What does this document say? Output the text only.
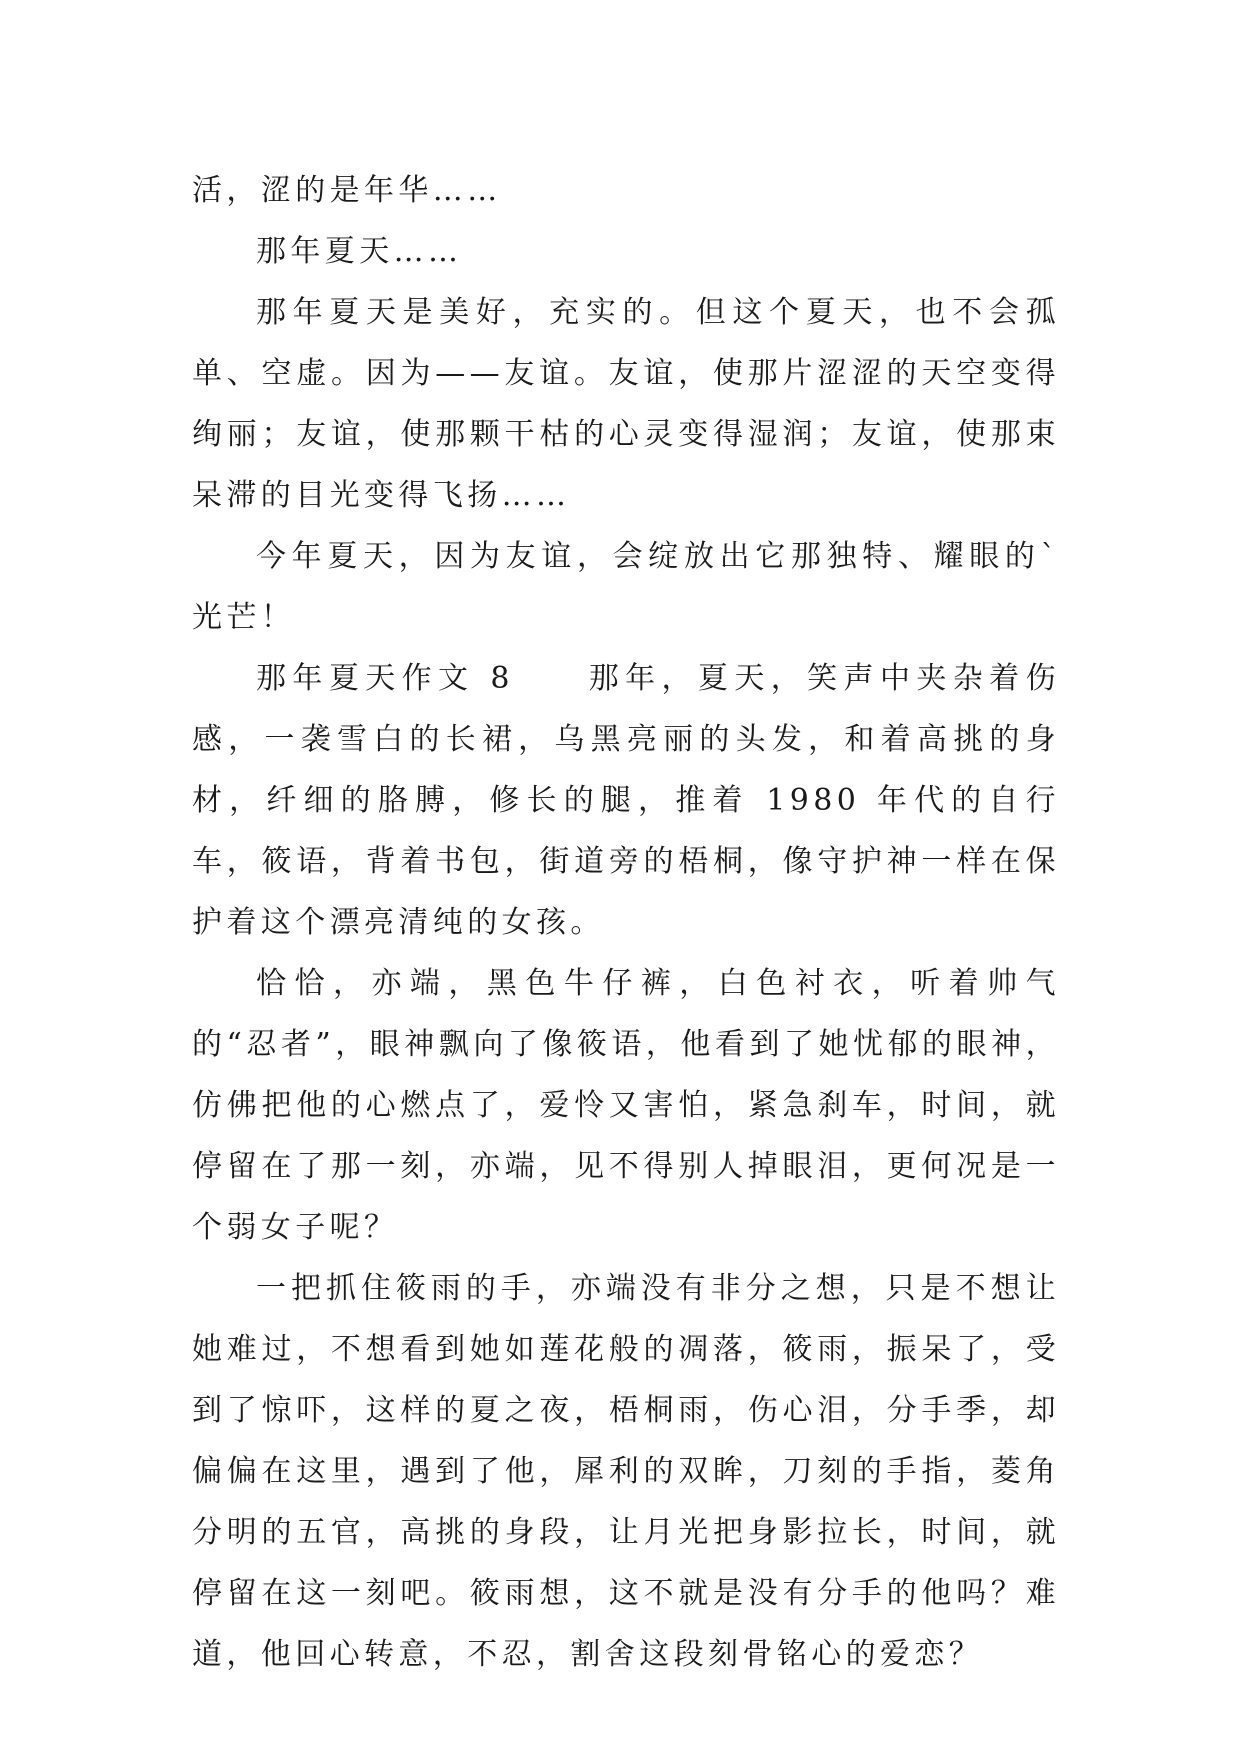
活，涩的是年华……

那年夏天……

那年夏天是美好，充实的。但这个夏天，也不会孤单、空虚。因为——友谊。友谊，使那片涩涩的天空变得绚丽；友谊，使那颗干枯的心灵变得湿润；友谊，使那束呆滞的目光变得飞扬……

今年夏天，因为友谊，会绽放出它那独特、耀眼的`光芒！

那年夏天作文 8　　那年，夏天，笑声中夹杂着伤感，一袭雪白的长裙，乌黑亮丽的头发，和着高挑的身材，纤细的胳膊，修长的腿，推着 1980 年代的自行车，筱语，背着书包，街道旁的梧桐，像守护神一样在保护着这个漂亮清纯的女孩。

恰恰，亦端，黑色牛仔裤，白色衬衣，听着帅气的“忍者”，眼神飘向了像筱语，他看到了她忧郁的眼神，仿佛把他的心燃点了，爱怜又害怕，紧急刹车，时间，就停留在了那一刻，亦端，见不得别人掉眼泪，更何况是一个弱女子呢？

一把抓住筱雨的手，亦端没有非分之想，只是不想让她难过，不想看到她如莲花般的凋落，筱雨，振呆了，受到了惊吓，这样的夏之夜，梧桐雨，伤心泪，分手季，却偏偏在这里，遇到了他，犀利的双眸，刀刻的手指，菱角分明的五官，高挑的身段，让月光把身影拉长，时间，就停留在这一刻吧。筱雨想，这不就是没有分手的他吗？难道，他回心转意，不忍，割舍这段刻骨铭心的爱恋？
